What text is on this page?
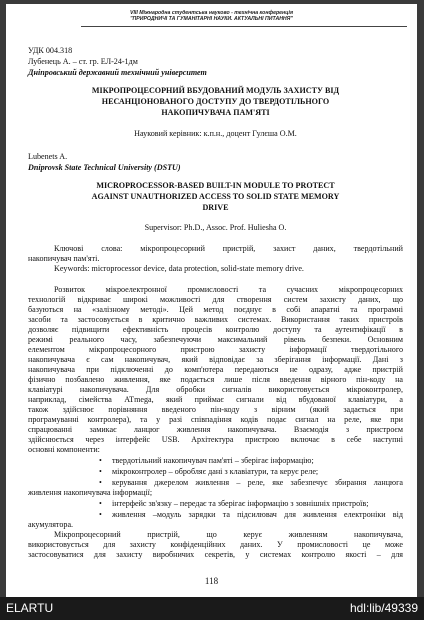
VIII Міжнародна студентська науково - технічна конференція
"ПРИРОДНИЧІ ТА ГУМАНІТАРНІ НАУКИ. АКТУАЛЬНІ ПИТАННЯ"
УДК 004.318
Лубенець А. – ст. гр. ЕЛ-24-1дм
Дніпровський державний технічний університет
МІКРОПРОЦЕСОРНИЙ ВБУДОВАНИЙ МОДУЛЬ ЗАХИСТУ ВІД
НЕСАНЦІОНОВАНОГО ДОСТУПУ ДО ТВЕРДОТІЛЬНОГО
НАКОПИЧУВАЧА ПАМ'ЯТІ
Науковий керівник: к.п.н., доцент Гулєша О.М.
Lubenets A.
Dniprovsk State Technical University (DSTU)
MICROPROCESSOR-BASED BUILT-IN MODULE TO PROTECT
AGAINST UNAUTHORIZED ACCESS TO SOLID STATE MEMORY
DRIVE
Supervisor: Ph.D., Assoc. Prof. Huliesha O.
Ключові слова: мікропроцесорний пристрій, захист даних, твердотільний
накопичувач пам'яті.
Keywords: microprocessor device, data protection, solid-state memory drive.
Розвиток мікроелектронної промисловості та сучасних мікропроцесорних
технологій відкриває широкі можливості для створення систем захисту даних, що
базуються на «залізному методі». Цей метод поєднує в собі апаратні та програмні
засоби та застосовується в критично важливих системах. Використання таких пристроїв
дозволяє підвищити ефективність процесів контролю доступу та аутентифікації в
режимі реального часу, забезпечуючи максимальний рівень безпеки. Основним
елементом мікропроцесорного пристрою захисту інформації твердотільного
накопичувача є сам накопичувач, який відповідає за зберігання інформації. Дані з
накопичувача при підключенні до комп'ютера передаються не одразу, адже пристрій
фізично позбавлено живлення, яке подається лише після введення вірного пін-коду на
клавіатурі накопичувача. Для обробки сигналів використовується мікроконтролер,
наприклад, сімейства ATmega, який приймає сигнали від вбудованої клавіатури, а
також здійснює порівняння введеного пін-коду з вірним (який задається при
програмуванні контролера), та у разі співпадіння кодів подає сигнал на реле, яке при
спрацюванні замикає ланцюг живлення накопичувача. Взаємодія з пристроєм
здійснюється через інтерфейс USB. Архітектура пристрою включає в себе наступні
основні компоненти:
• твердотільний накопичувач пам'яті – зберігає інформацію;
• мікроконтролер – обробляє дані з клавіатури, та керує реле;
• керування джерелом живлення – реле, яке забезпечує збирання ланцюга
живлення накопичувача інформації;
• інтерфейс зв'язку – передає та зберігає інформацію з зовнішніх пристроїв;
• живлення –модуль зарядки та підсилювач для живлення електроніки від
акумулятора.
Мікропроцесорний пристрій, що керує живленням накопичувача,
використовується для захисту конфіденційних даних. У промисловості це може
застосовуватися для захисту виробничих секретів, у системах контролю якості – для
118
ELARTU	hdl:lib/49339
